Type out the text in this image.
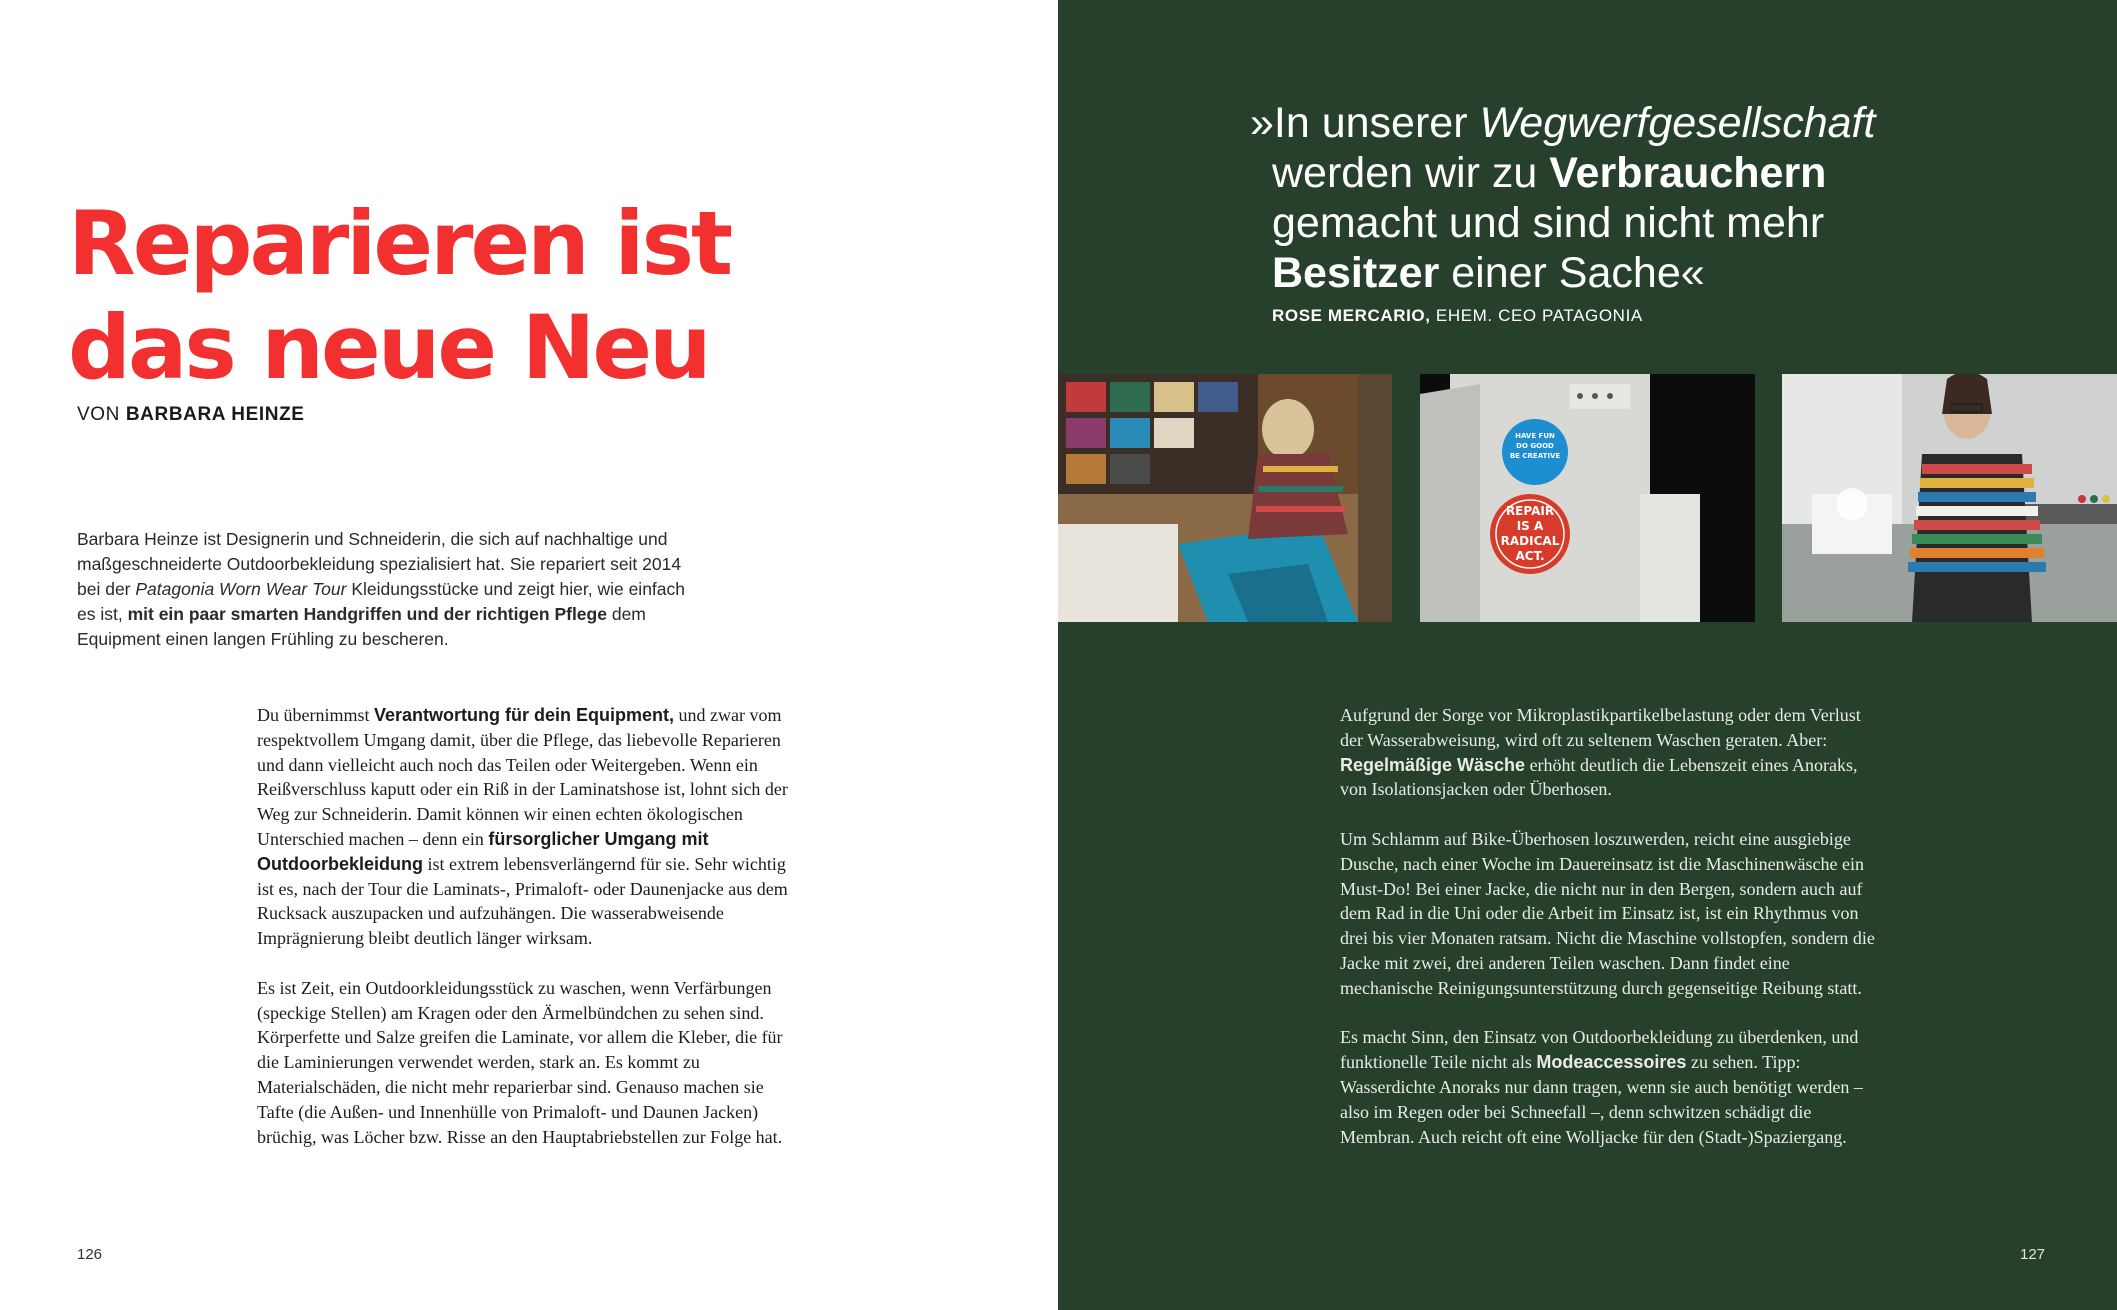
Reparieren ist
das neue Neu

VON BARBARA HEINZE

Barbara Heinze ist Designerin und Schneiderin, die sich auf nachhaltige und maßgeschneiderte Outdoorbekleidung spezialisiert hat. Sie repariert seit 2014 bei der Patagonia Worn Wear Tour Kleidungsstücke und zeigt hier, wie einfach es ist, mit ein paar smarten Handgriffen und der richtigen Pflege dem Equipment einen langen Frühling zu bescheren.

Du übernimmst Verantwortung für dein Equipment, und zwar vom respektvollem Umgang damit, über die Pflege, das liebevolle Reparieren und dann vielleicht auch noch das Teilen oder Weitergeben. Wenn ein Reißverschluss kaputt oder ein Riß in der Laminatshose ist, lohnt sich der Weg zur Schneiderin. Damit können wir einen echten ökologischen Unterschied machen – denn ein fürsorglicher Umgang mit Outdoorbekleidung ist extrem lebensverlängernd für sie. Sehr wichtig ist es, nach der Tour die Laminats-, Primaloft- oder Daunenjacke aus dem Rucksack auszupacken und aufzuhängen. Die wasserabweisende Imprägnierung bleibt deutlich länger wirksam.

Es ist Zeit, ein Outdoorkleidungsstück zu waschen, wenn Verfärbungen (speckige Stellen) am Kragen oder den Ärmelbündchen zu sehen sind. Körperfette und Salze greifen die Laminate, vor allem die Kleber, die für die Laminierungen verwendet werden, stark an. Es kommt zu Materialschäden, die nicht mehr reparierbar sind. Genauso machen sie Tafte (die Außen- und Innenhülle von Primaloft- und Daunen Jacken) brüchig, was Löcher bzw. Risse an den Hauptabriebstellen zur Folge hat.

126

»In unserer Wegwerfgesellschaft
werden wir zu Verbrauchern
gemacht und sind nicht mehr
Besitzer einer Sache«

ROSE MERCARIO, EHEM. CEO PATAGONIA

HAVE FUN
DO GOOD
BE CREATIVE
REPAIR
IS A
RADICAL
ACT.

Aufgrund der Sorge vor Mikroplastikpartikelbelastung oder dem Verlust der Wasserabweisung, wird oft zu seltenem Waschen geraten. Aber: Regelmäßige Wäsche erhöht deutlich die Lebenszeit eines Anoraks, von Isolationsjacken oder Überhosen.

Um Schlamm auf Bike-Überhosen loszuwerden, reicht eine ausgiebige Dusche, nach einer Woche im Dauereinsatz ist die Maschinenwäsche ein Must-Do! Bei einer Jacke, die nicht nur in den Bergen, sondern auch auf dem Rad in die Uni oder die Arbeit im Einsatz ist, ist ein Rhythmus von drei bis vier Monaten ratsam. Nicht die Maschine vollstopfen, sondern die Jacke mit zwei, drei anderen Teilen waschen. Dann findet eine mechanische Reinigungsunterstützung durch gegenseitige Reibung statt.

Es macht Sinn, den Einsatz von Outdoorbekleidung zu überdenken, und funktionelle Teile nicht als Modeaccessoires zu sehen. Tipp: Wasserdichte Anoraks nur dann tragen, wenn sie auch benötigt werden – also im Regen oder bei Schneefall –, denn schwitzen schädigt die Membran. Auch reicht oft eine Wolljacke für den (Stadt-)Spaziergang.

127
